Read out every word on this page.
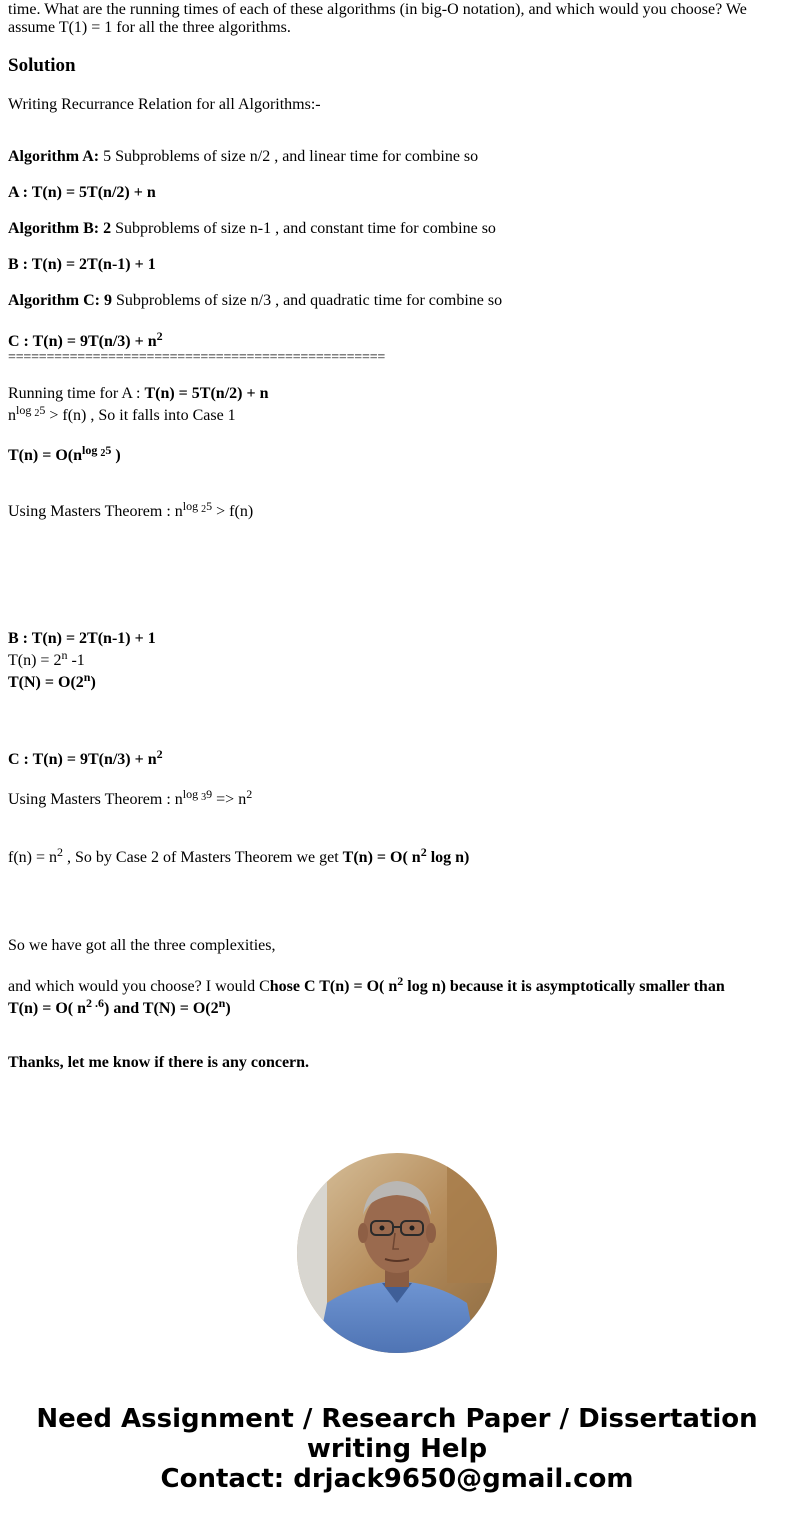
time. What are the running times of each of these algorithms (in big-O notation), and which would you choose? We
assume T(1) = 1 for all the three algorithms.
Solution
Writing Recurrance Relation for all Algorithms:-
Algorithm A: 5 Subproblems of size n/2 , and linear time for combine so
A : T(n) = 5T(n/2) + n
Algorithm B: 2 Subproblems of size n-1 , and constant time for combine so
B : T(n) = 2T(n-1) + 1
Algorithm C: 9 Subproblems of size n/3 , and quadratic time for combine so
C : $T(n) = 9T(n/3) + n^2$
=================================================
Running time for A : T(n) = 5T(n/2) + n
$n^{log _25} > f(n)$ , So it falls into Case 1
$T(n) = O(n^{log _25}$ )
Using Masters Theorem : $n^{log _25} > f(n)$
B : T(n) = 2T(n-1) + 1
$T(n) = 2^n$ -1
$T(N) = O(2^n)$
C : $T(n) = 9T(n/3) + n^2$
Using Masters Theorem : $n^{log _39} => n^2$
$f(n) = n^2$ , So by Case 2 of Masters Theorem we get T(n) = O( $n^2$ log n)
So we have got all the three complexities,
and which would you choose? I would Chose C T(n) = O( $n^2$ log n) because it is asymptotically smaller than
T(n) = O( $n^{2 .6}$) and $T(N) = O(2^n)$
Thanks, let me know if there is any concern.
Need Assignment / Research Paper / Dissertation
writing Help
Contact: drjack9650@gmail.com
